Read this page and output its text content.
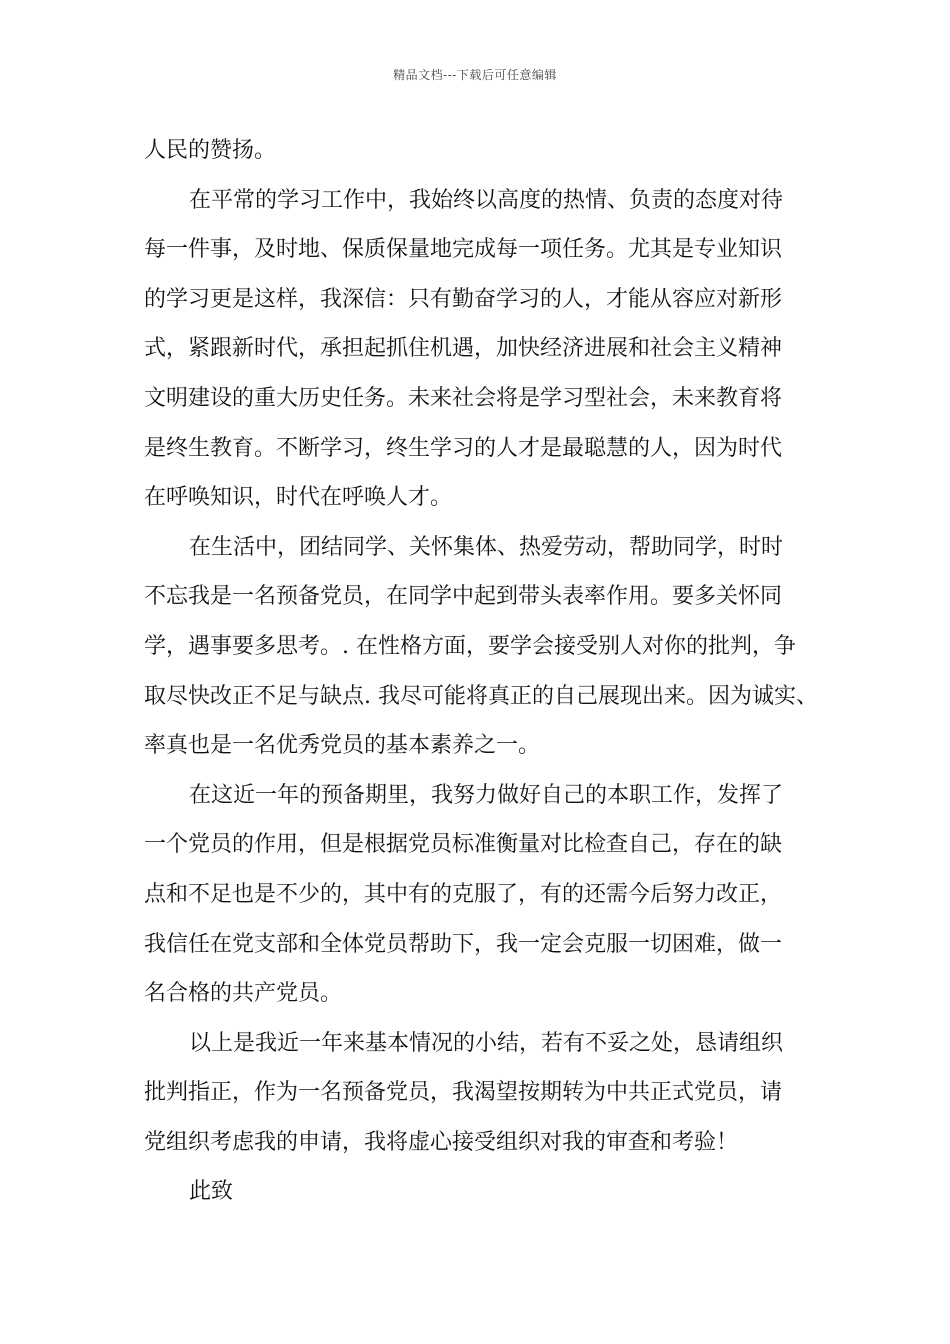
精品文档---下载后可任意编辑
人民的赞扬。
在平常的学习工作中，我始终以高度的热情、负责的态度对待
每一件事，及时地、保质保量地完成每一项任务。尤其是专业知识
的学习更是这样，我深信：只有勤奋学习的人，才能从容应对新形
式，紧跟新时代，承担起抓住机遇，加快经济进展和社会主义精神
文明建设的重大历史任务。未来社会将是学习型社会，未来教育将
是终生教育。不断学习，终生学习的人才是最聪慧的人，因为时代
在呼唤知识，时代在呼唤人才。
在生活中，团结同学、关怀集体、热爱劳动，帮助同学，时时
不忘我是一名预备党员，在同学中起到带头表率作用。要多关怀同
学，遇事要多思考。. 在性格方面，要学会接受别人对你的批判，争
取尽快改正不足与缺点. 我尽可能将真正的自己展现出来。因为诚实、
率真也是一名优秀党员的基本素养之一。
在这近一年的预备期里，我努力做好自己的本职工作，发挥了
一个党员的作用，但是根据党员标准衡量对比检查自己，存在的缺
点和不足也是不少的，其中有的克服了，有的还需今后努力改正，
我信任在党支部和全体党员帮助下，我一定会克服一切困难，做一
名合格的共产党员。
以上是我近一年来基本情况的小结，若有不妥之处，恳请组织
批判指正，作为一名预备党员，我渴望按期转为中共正式党员，请
党组织考虑我的申请，我将虚心接受组织对我的审查和考验！
此致
